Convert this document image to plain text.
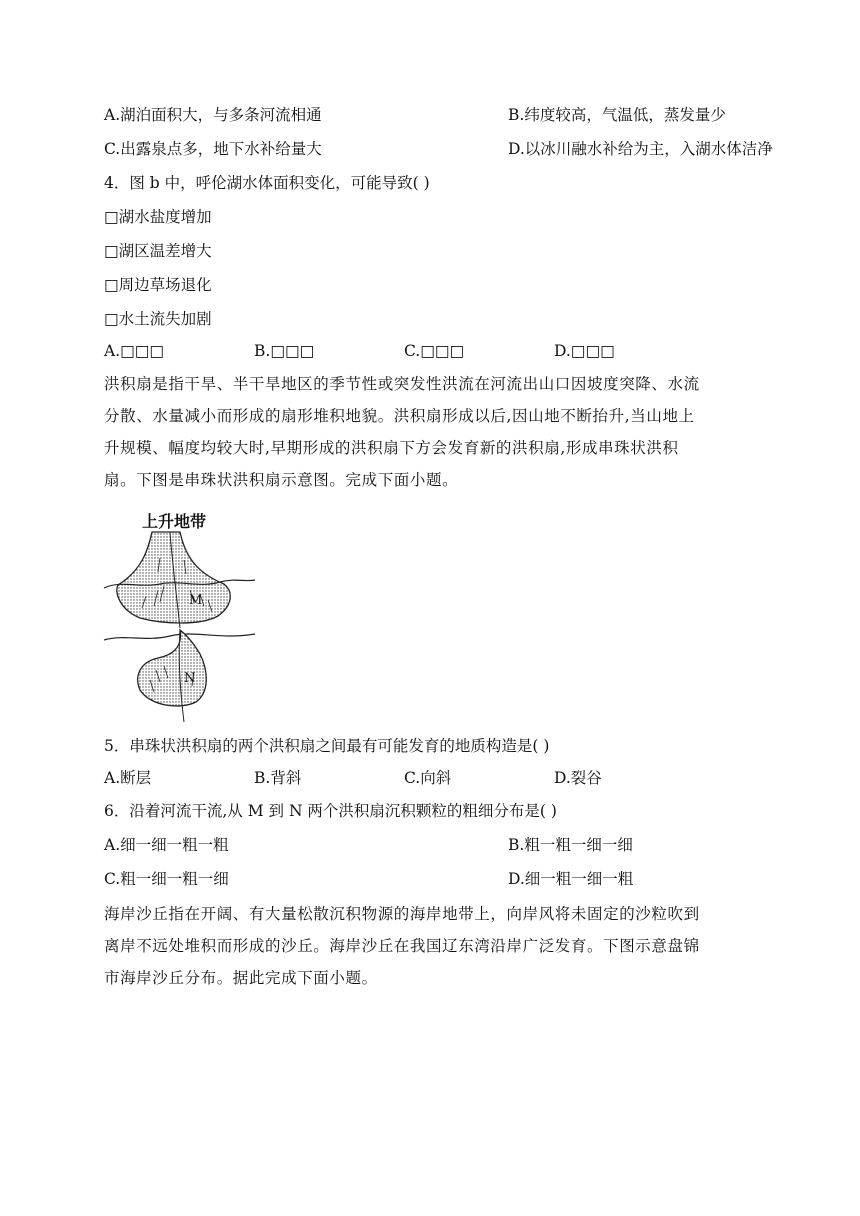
A.湖泊面积大，与多条河流相通	B.纬度较高，气温低，蒸发量少
C.出露泉点多，地下水补给量大	D.以冰川融水补给为主，入湖水体洁净
4．图 b 中，呼伦湖水体面积变化，可能导致( )
□湖水盐度增加
□湖区温差增大
□周边草场退化
□水土流失加剧
A.□□□	B.□□□	C.□□□	D.□□□
洪积扇是指干旱、半干旱地区的季节性或突发性洪流在河流出山口因坡度突降、水流
分散、水量减小而形成的扇形堆积地貌。洪积扇形成以后,因山地不断抬升,当山地上
升规模、幅度均较大时,早期形成的洪积扇下方会发育新的洪积扇,形成串珠状洪积
扇。下图是串珠状洪积扇示意图。完成下面小题。
上升地带
M
N
5．串珠状洪积扇的两个洪积扇之间最有可能发育的地质构造是( )
A.断层	B.背斜	C.向斜	D.裂谷
6．沿着河流干流,从 M 到 N 两个洪积扇沉积颗粒的粗细分布是( )
A.细一细一粗一粗	B.粗一粗一细一细
C.粗一细一粗一细	D.细一粗一细一粗
海岸沙丘指在开阔、有大量松散沉积物源的海岸地带上，向岸风将未固定的沙粒吹到
离岸不远处堆积而形成的沙丘。海岸沙丘在我国辽东湾沿岸广泛发育。下图示意盘锦
市海岸沙丘分布。据此完成下面小题。
